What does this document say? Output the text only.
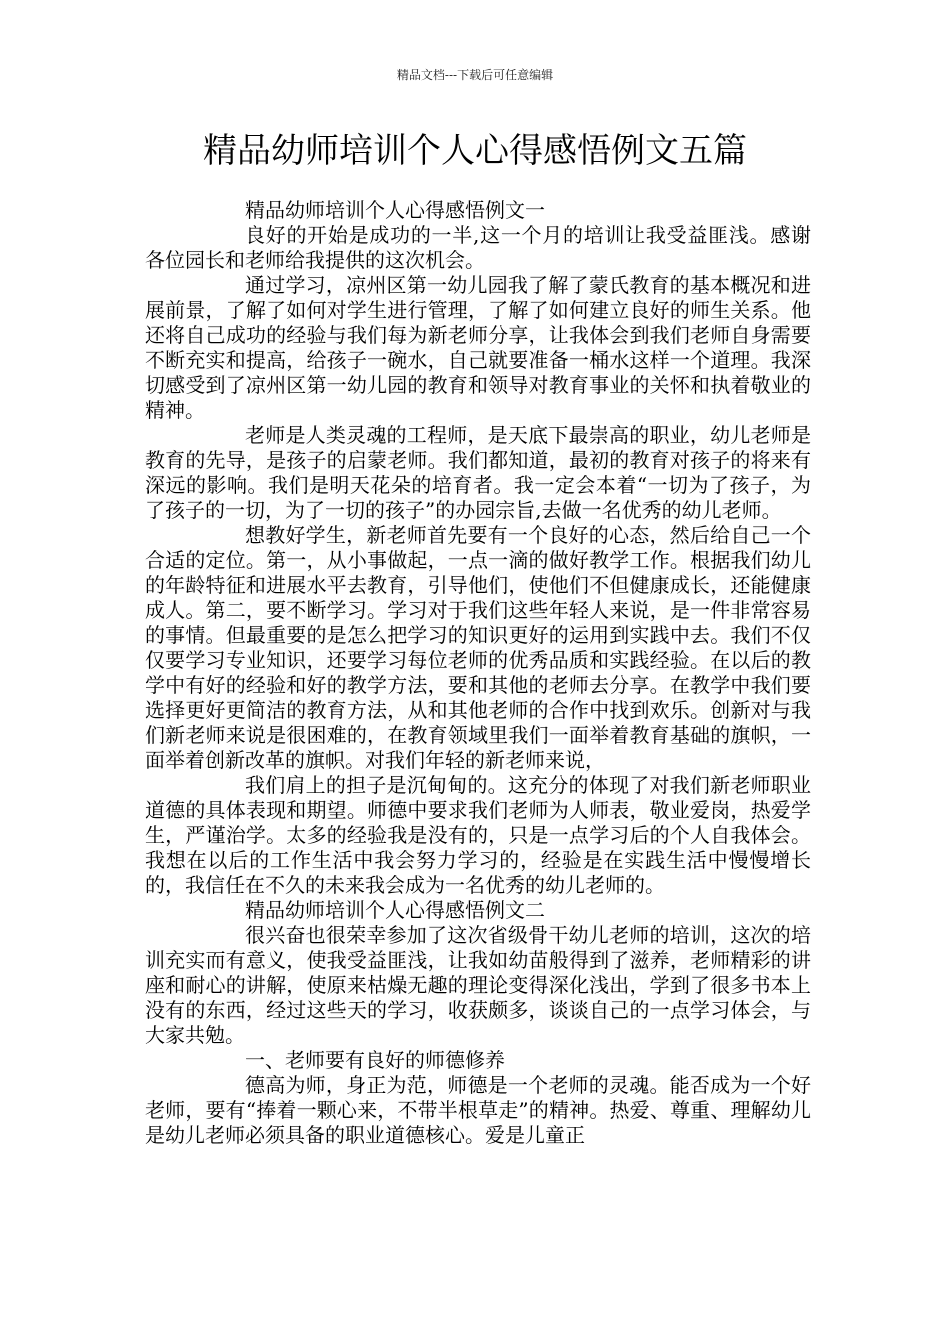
精品文档---下载后可任意编辑
精品幼师培训个人心得感悟例文五篇

精品幼师培训个人心得感悟例文一

良好的开始是成功的一半,这一个月的培训让我受益匪浅。感谢各位园长和老师给我提供的这次机会。

通过学习，凉州区第一幼儿园我了解了蒙氏教育的基本概况和进展前景，了解了如何对学生进行管理，了解了如何建立良好的师生关系。他还将自己成功的经验与我们每为新老师分享，让我体会到我们老师自身需要不断充实和提高，给孩子一碗水，自己就要准备一桶水这样一个道理。我深切感受到了凉州区第一幼儿园的教育和领导对教育事业的关怀和执着敬业的精神。

老师是人类灵魂的工程师，是天底下最崇高的职业，幼儿老师是教育的先导，是孩子的启蒙老师。我们都知道，最初的教育对孩子的将来有深远的影响。我们是明天花朵的培育者。我一定会本着“一切为了孩子，为了孩子的一切，为了一切的孩子”的办园宗旨,去做一名优秀的幼儿老师。

想教好学生，新老师首先要有一个良好的心态，然后给自己一个合适的定位。第一，从小事做起，一点一滴的做好教学工作。根据我们幼儿的年龄特征和进展水平去教育，引导他们，使他们不但健康成长，还能健康成人。第二，要不断学习。学习对于我们这些年轻人来说，是一件非常容易的事情。但最重要的是怎么把学习的知识更好的运用到实践中去。我们不仅仅要学习专业知识，还要学习每位老师的优秀品质和实践经验。在以后的教学中有好的经验和好的教学方法，要和其他的老师去分享。在教学中我们要选择更好更简洁的教育方法，从和其他老师的合作中找到欢乐。创新对与我们新老师来说是很困难的，在教育领域里我们一面举着教育基础的旗帜，一面举着创新改革的旗帜。对我们年轻的新老师来说，

我们肩上的担子是沉甸甸的。这充分的体现了对我们新老师职业道德的具体表现和期望。师德中要求我们老师为人师表，敬业爱岗，热爱学生，严谨治学。太多的经验我是没有的，只是一点学习后的个人自我体会。我想在以后的工作生活中我会努力学习的，经验是在实践生活中慢慢增长的，我信任在不久的未来我会成为一名优秀的幼儿老师的。

精品幼师培训个人心得感悟例文二

很兴奋也很荣幸参加了这次省级骨干幼儿老师的培训，这次的培训充实而有意义，使我受益匪浅，让我如幼苗般得到了滋养，老师精彩的讲座和耐心的讲解，使原来枯燥无趣的理论变得深化浅出，学到了很多书本上没有的东西，经过这些天的学习，收获颇多，谈谈自己的一点学习体会，与大家共勉。

一、老师要有良好的师德修养

德高为师，身正为范，师德是一个老师的灵魂。能否成为一个好老师，要有“捧着一颗心来，不带半根草走”的精神。热爱、尊重、理解幼儿是幼儿老师必须具备的职业道德核心。爱是儿童正
